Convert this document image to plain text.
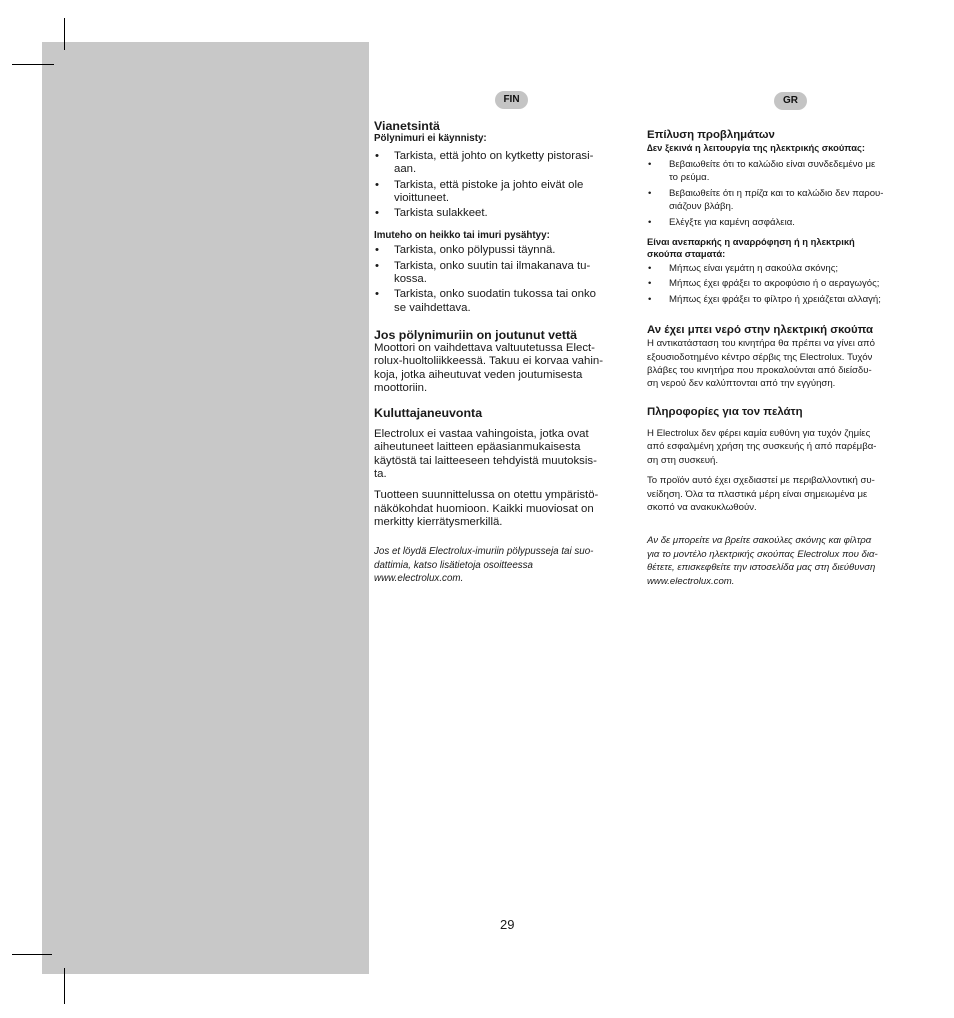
FIN	GR
Vianetsintä
Pölynimuri ei käynnisty:
• Tarkista, että johto on kytketty pistorasi-
aan.
• Tarkista, että pistoke ja johto eivät ole
vioittuneet.
• Tarkista sulakkeet.
Imuteho on heikko tai imuri pysähtyy:
• Tarkista, onko pölypussi täynnä.
• Tarkista, onko suutin tai ilmakanava tu-
kossa.
• Tarkista, onko suodatin tukossa tai onko
se vaihdettava.
Jos pölynimuriin on joutunut vettä

Moottori on vaihdettava valtuutetussa Elect-
rolux-huoltoliikkeessä. Takuu ei korvaa vahin-
koja, jotka aiheutuvat veden joutumisesta
moottoriin.

Kuluttajaneuvonta

Electrolux ei vastaa vahingoista, jotka ovat
aiheutuneet laitteen epäasianmukaisesta
käytöstä tai laitteeseen tehdyistä muutoksis-
ta.

Tuotteen suunnittelussa on otettu ympäristö-
näkökohdat huomioon. Kaikki muoviosat on
merkitty kierrätysmerkillä.

Jos et löydä Electrolux-imuriin pölypusseja tai suo-
dattimia, katso lisätietoja osoitteessa
www.electrolux.com.

Επίλυση προβλημάτων
∆εν ξεκινά η λειτουργία της ηλεκτρικής σκούπας:
• Βεβαιωθείτε ότι το καλώδιο είναι συνδεδεμένο με
το ρεύμα.
• Βεβαιωθείτε ότι η πρίζα και το καλώδιο δεν παρου-
σιάζουν βλάβη.
• Ελέγξτε για καμένη ασφάλεια.
Είναι ανεπαρκής η αναρρόφηση ή η ηλεκτρική
σκούπα σταματά:
• Μήπως είναι γεμάτη η σακούλα σκόνης;
• Μήπως έχει φράξει το ακροφύσιο ή ο αεραγωγός;
• Μήπως έχει φράξει το φίλτρο ή χρειάζεται αλλαγή;
Αν έχει μπει νερό στην ηλεκτρική σκούπα

Η αντικατάσταση του κινητήρα θα πρέπει να γίνει από
εξουσιοδοτημένο κέντρο σέρβις της Electrolux. Τυχόν
βλάβες του κινητήρα που προκαλούνται από διείσδυ-
ση νερού δεν καλύπτονται από την εγγύηση.

Πληροφορίες για τον πελάτη

Η Electrolux δεν φέρει καμία ευθύνη για τυχόν ζημίες
από εσφαλμένη χρήση της συσκευής ή από παρέμβα-
ση στη συσκευή.

Το προϊόν αυτό έχει σχεδιαστεί με περιβαλλοντική συ-
νείδηση. Όλα τα πλαστικά μέρη είναι σημειωμένα με
σκοπό να ανακυκλωθούν.

Αν δε μπορείτε να βρείτε σακούλες σκόνης και φίλτρα
για το μοντέλο ηλεκτρικής σκούπας Electrolux που δια-
θέτετε, επισκεφθείτε την ιστοσελίδα μας στη διεύθυνση
www.electrolux.com.

29
